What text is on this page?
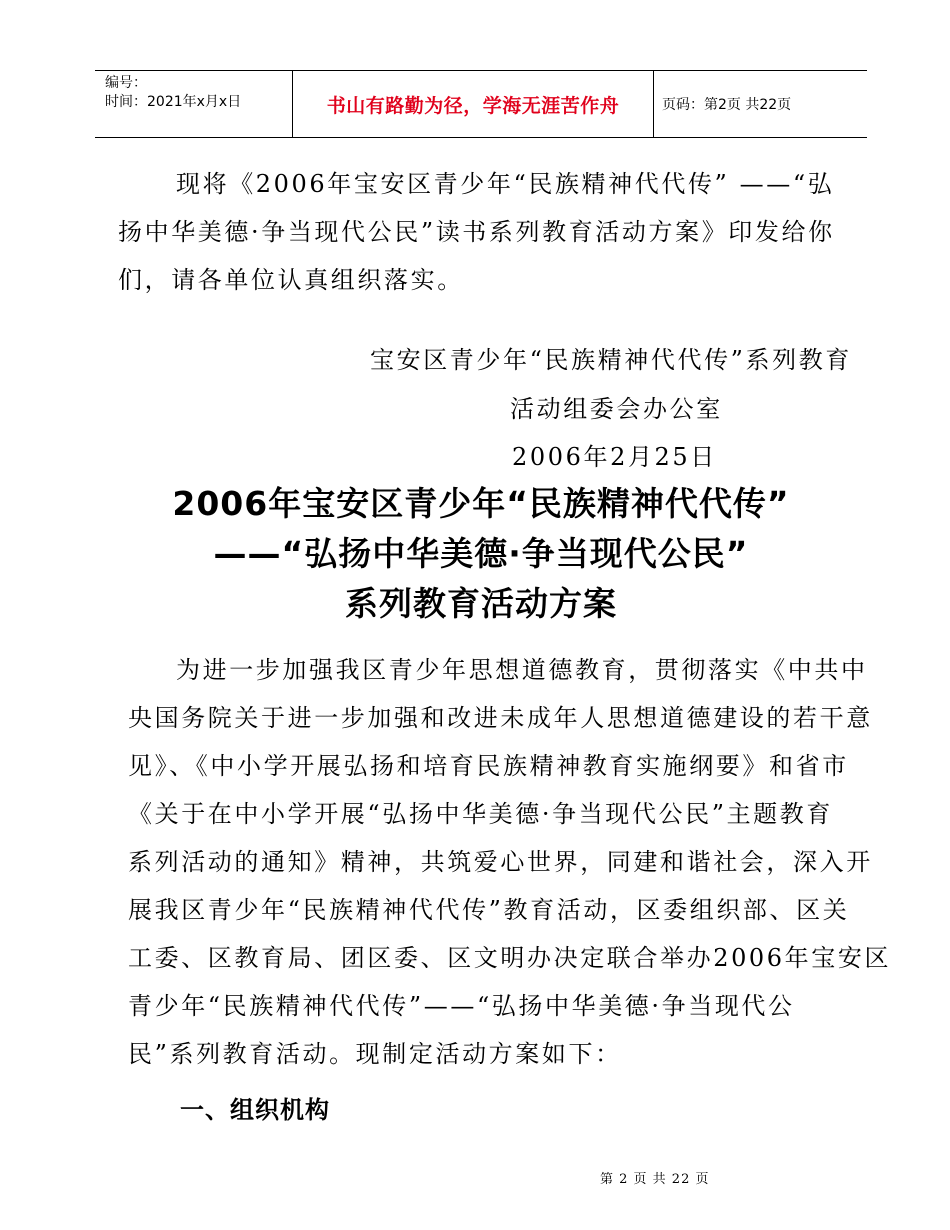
编号：
时间：2021年x月x日	书山有路勤为径，学海无涯苦作舟	页码：第2页 共22页
现将《2006年宝安区青少年“民族精神代代传” ——“弘
扬中华美德·争当现代公民”读书系列教育活动方案》印发给你
们，请各单位认真组织落实。
宝安区青少年“民族精神代代传”系列教育
活动组委会办公室
2006年2月25日
2006年宝安区青少年“民族精神代代传”
——“弘扬中华美德·争当现代公民”
系列教育活动方案
为进一步加强我区青少年思想道德教育，贯彻落实《中共中
央国务院关于进一步加强和改进未成年人思想道德建设的若干意
见》、《中小学开展弘扬和培育民族精神教育实施纲要》和省市
《关于在中小学开展“弘扬中华美德·争当现代公民”主题教育
系列活动的通知》精神，共筑爱心世界，同建和谐社会，深入开
展我区青少年“民族精神代代传”教育活动，区委组织部、区关
工委、区教育局、团区委、区文明办决定联合举办2006年宝安区
青少年“民族精神代代传”——“弘扬中华美德·争当现代公
民”系列教育活动。现制定活动方案如下：
一、组织机构
第 2 页 共 22 页
